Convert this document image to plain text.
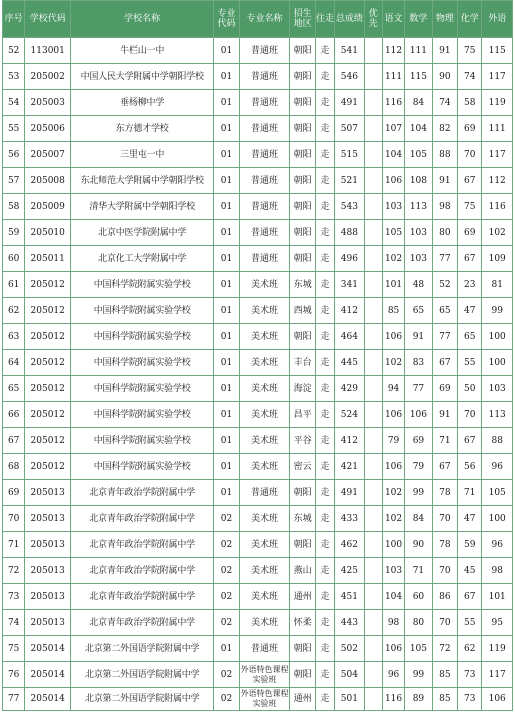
序号	学校代码	学校名称	专业代码	专业名称	招生地区	住走	总成绩	优先	语文	数学	物理	化学	外语
52	113001	牛栏山一中	01	普通班	朝阳	走	541		112	111	91	75	115
53	205002	中国人民大学附属中学朝阳学校	01	普通班	朝阳	走	546		111	115	90	74	117
54	205003	垂杨柳中学	01	普通班	朝阳	走	491		116	84	74	58	119
55	205006	东方德才学校	01	普通班	朝阳	走	507		107	104	82	69	111
56	205007	三里屯一中	01	普通班	朝阳	走	515		104	105	88	70	117
57	205008	东北师范大学附属中学朝阳学校	01	普通班	朝阳	走	521		106	108	91	67	112
58	205009	清华大学附属中学朝阳学校	01	普通班	朝阳	走	543		103	113	98	75	116
59	205010	北京中医学院附属中学	01	普通班	朝阳	走	488		105	103	80	69	102
60	205011	北京化工大学附属中学	01	普通班	朝阳	走	496		102	103	77	67	109
61	205012	中国科学院附属实验学校	01	美术班	东城	走	341		101	48	52	23	81
62	205012	中国科学院附属实验学校	01	美术班	西城	走	412		85	65	65	47	99
63	205012	中国科学院附属实验学校	01	美术班	朝阳	走	464		106	91	77	65	100
64	205012	中国科学院附属实验学校	01	美术班	丰台	走	445		102	83	67	55	100
65	205012	中国科学院附属实验学校	01	美术班	海淀	走	429		94	77	69	50	103
66	205012	中国科学院附属实验学校	01	美术班	昌平	走	524		106	106	91	70	113
67	205012	中国科学院附属实验学校	01	美术班	平谷	走	412		79	69	71	67	88
68	205012	中国科学院附属实验学校	01	美术班	密云	走	421		106	79	67	56	96
69	205013	北京青年政治学院附属中学	01	普通班	朝阳	走	491		102	99	78	71	105
70	205013	北京青年政治学院附属中学	02	美术班	东城	走	433		102	84	70	47	100
71	205013	北京青年政治学院附属中学	02	美术班	朝阳	走	462		100	90	78	59	96
72	205013	北京青年政治学院附属中学	02	美术班	燕山	走	425		103	71	70	45	98
73	205013	北京青年政治学院附属中学	02	美术班	通州	走	451		104	60	86	67	101
74	205013	北京青年政治学院附属中学	02	美术班	怀柔	走	443		98	80	70	55	95
75	205014	北京第二外国语学院附属中学	01	普通班	朝阳	走	502		106	105	72	62	119
76	205014	北京第二外国语学院附属中学	02	外语特色课程实验班	朝阳	走	504		96	99	85	73	117
77	205014	北京第二外国语学院附属中学	02	外语特色课程实验班	通州	走	501		116	89	85	73	106
